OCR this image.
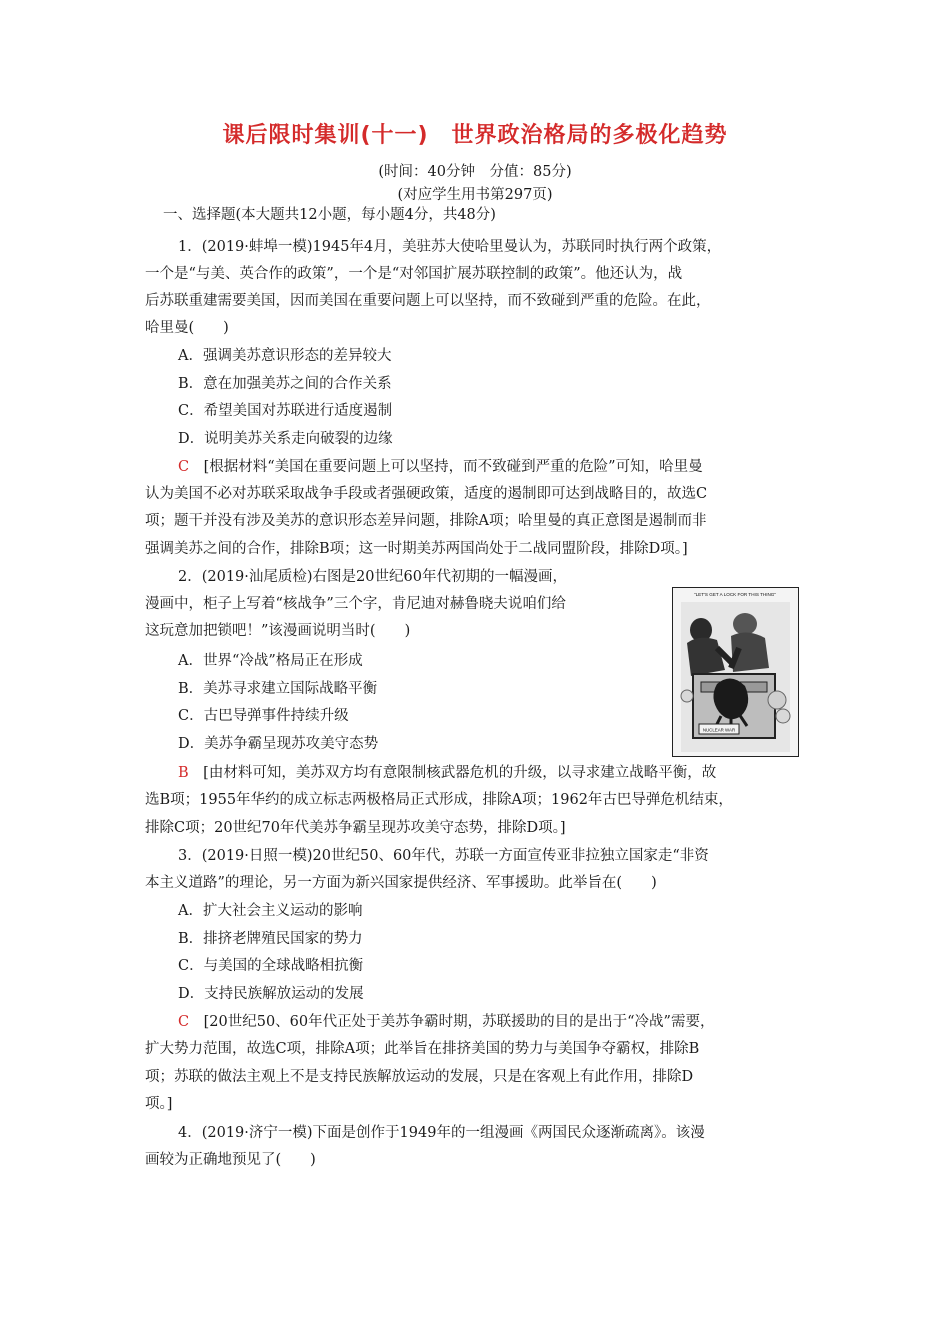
课后限时集训(十一)　世界政治格局的多极化趋势
(时间：40分钟　分值：85分)
(对应学生用书第297页)
一、选择题(本大题共12小题，每小题4分，共48分)
1．(2019·蚌埠一模)1945年4月，美驻苏大使哈里曼认为，苏联同时执行两个政策，
一个是“与美、英合作的政策”，一个是“对邻国扩展苏联控制的政策”。他还认为，战
后苏联重建需要美国，因而美国在重要问题上可以坚持，而不致碰到严重的危险。在此，
哈里曼(　　)
A．强调美苏意识形态的差异较大
B．意在加强美苏之间的合作关系
C．希望美国对苏联进行适度遏制
D．说明美苏关系走向破裂的边缘
C　 [根据材料“美国在重要问题上可以坚持，而不致碰到严重的危险”可知，哈里曼
认为美国不必对苏联采取战争手段或者强硬政策，适度的遏制即可达到战略目的，故选C
项；题干并没有涉及美苏的意识形态差异问题，排除A项；哈里曼的真正意图是遏制而非
强调美苏之间的合作，排除B项；这一时期美苏两国尚处于二战同盟阶段，排除D项。]
2．(2019·汕尾质检)右图是20世纪60年代初期的一幅漫画，
漫画中，柜子上写着“核战争”三个字，肯尼迪对赫鲁晓夫说咱们给
这玩意加把锁吧！”该漫画说明当时(　　)
A．世界“冷战”格局正在形成
B．美苏寻求建立国际战略平衡
C．古巴导弹事件持续升级
D．美苏争霸呈现苏攻美守态势
"LET'S GET A LOCK FOR THIS THING"
NUCLEAR WAR
B　 [由材料可知，美苏双方均有意限制核武器危机的升级，以寻求建立战略平衡，故
选B项；1955年华约的成立标志两极格局正式形成，排除A项；1962年古巴导弹危机结束，
排除C项；20世纪70年代美苏争霸呈现苏攻美守态势，排除D项。]
3．(2019·日照一模)20世纪50、60年代，苏联一方面宣传亚非拉独立国家走“非资
本主义道路”的理论，另一方面为新兴国家提供经济、军事援助。此举旨在(　　)
A．扩大社会主义运动的影响
B．排挤老牌殖民国家的势力
C．与美国的全球战略相抗衡
D．支持民族解放运动的发展
C　 [20世纪50、60年代正处于美苏争霸时期，苏联援助的目的是出于“冷战”需要，
扩大势力范围，故选C项，排除A项；此举旨在排挤美国的势力与美国争夺霸权，排除B
项；苏联的做法主观上不是支持民族解放运动的发展，只是在客观上有此作用，排除D
项。]
4．(2019·济宁一模)下面是创作于1949年的一组漫画《两国民众逐渐疏离》。该漫
画较为正确地预见了(　　)
